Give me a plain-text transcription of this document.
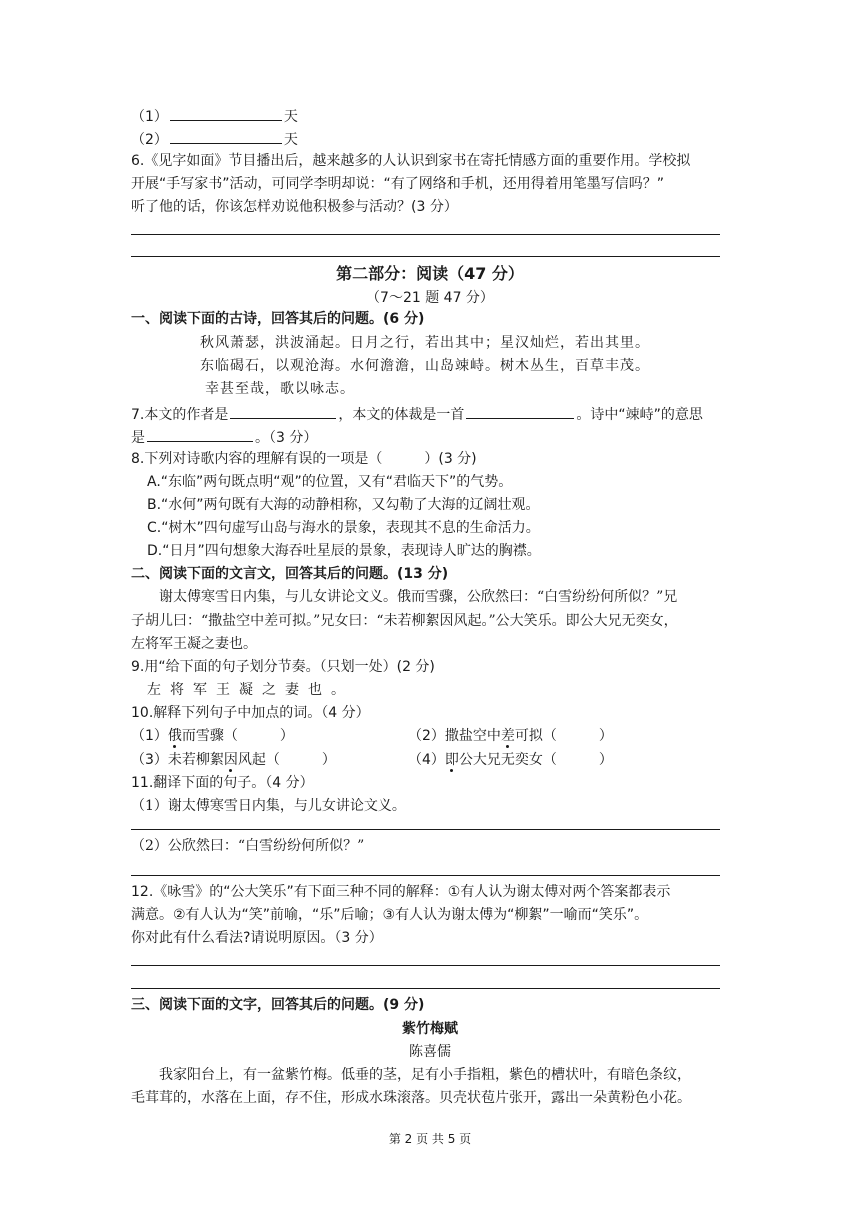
（1）	天
（2）	天
6.《见字如面》节目播出后，越来越多的人认识到家书在寄托情感方面的重要作用。学校拟
开展“手写家书”活动，可同学李明却说：“有了网络和手机，还用得着用笔墨写信吗？”
听了他的话，你该怎样劝说他积极参与活动？(3 分）
第二部分：阅读（47 分）
（7～21 题 47 分）
一、阅读下面的古诗，回答其后的问题。(6 分)
秋风萧瑟，洪波涌起。日月之行，若出其中；星汉灿烂，若出其里。
东临碣石，以观沧海。水何澹澹，山岛竦峙。树木丛生，百草丰茂。
幸甚至哉，歌以咏志。
7.本文的作者是	，本文的体裁是一首	。诗中“竦峙”的意思
是	。（3 分）
8.下列对诗歌内容的理解有误的一项是（　　　）(3 分)
A.“东临”两句既点明“观”的位置，又有“君临天下”的气势。
B.“水何”两句既有大海的动静相称，又勾勒了大海的辽阔壮观。
C.“树木”四句虚写山岛与海水的景象，表现其不息的生命活力。
D.“日月”四句想象大海吞吐星辰的景象，表现诗人旷达的胸襟。
二、阅读下面的文言文，回答其后的问题。(13 分)
谢太傅寒雪日内集，与儿女讲论文义。俄而雪骤，公欣然曰：“白雪纷纷何所似？”兄
子胡儿曰：“撒盐空中差可拟。”兄女曰：“未若柳絮因风起。”公大笑乐。即公大兄无奕女，
左将军王凝之妻也。
9.用“给下面的句子划分节奏。（只划一处）(2 分)
左将军王凝之妻也。
10.解释下列句子中加点的词。（4 分）
（1）俄而雪骤（　　　）	（2）撒盐空中差可拟（　　　）
（3）未若柳絮因风起（　　　）	（4）即公大兄无奕女（　　　）
11.翻译下面的句子。（4 分）
（1）谢太傅寒雪日内集，与儿女讲论文义。
（2）公欣然曰：“白雪纷纷何所似？”
12.《咏雪》的“公大笑乐”有下面三种不同的解释：①有人认为谢太傅对两个答案都表示
满意。②有人认为“笑”前喻，“乐”后喻；③有人认为谢太傅为“柳絮”一喻而“笑乐”。
你对此有什么看法?请说明原因。（3 分）
三、阅读下面的文字，回答其后的问题。(9 分)
紫竹梅赋
陈喜儒
我家阳台上，有一盆紫竹梅。低垂的茎，足有小手指粗，紫色的槽状叶，有暗色条纹，
毛茸茸的，水落在上面，存不住，形成水珠滚落。贝壳状苞片张开，露出一朵黄粉色小花。
第 2 页 共 5 页
